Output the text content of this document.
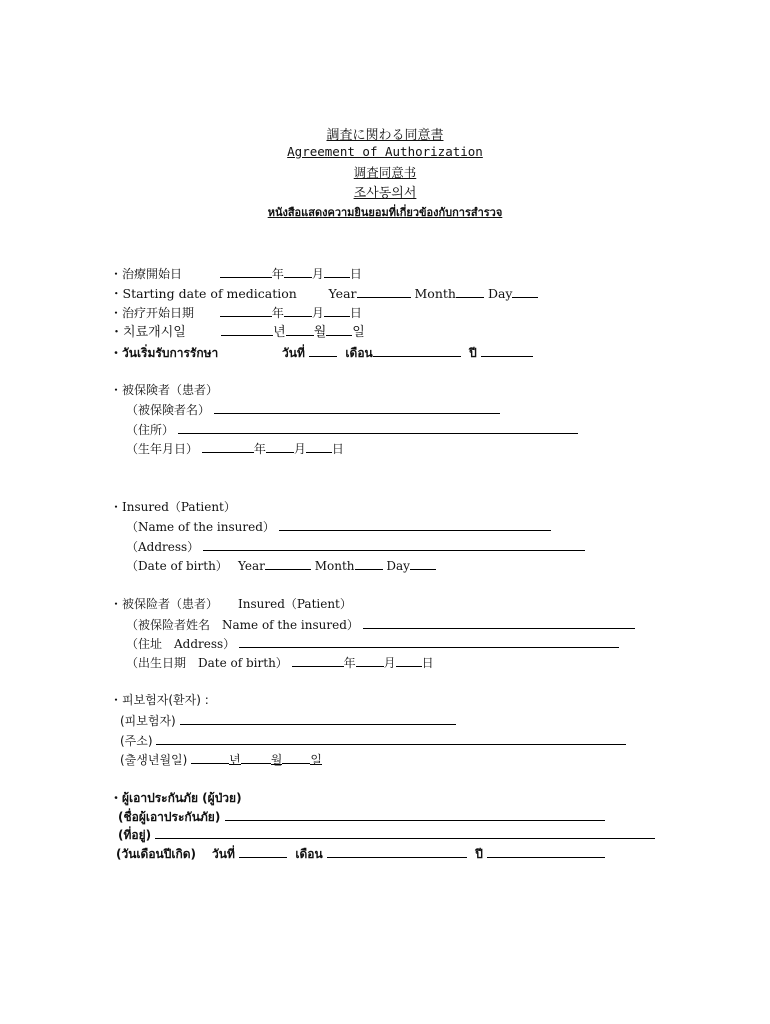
調査に関わる同意書
Agreement of Authorization
调査同意书
조사동의서
หนังสือแสดงความยินยอมที่เกี่ยวข้องกับการสำรวจ
・治療開始日	年 月 日
・Starting date of medication	Year	Month	Day
・治疗开始日期	年 月 日
・치료개시일	년 월 일
・วันเริ่มรับการรักษา	วันที่	เดือน	ปี
・被保険者（患者）
（被保険者名）
（住所）
（生年月日）	年 月 日
・Insured（Patient）
（Name of the insured）
（Address）
（Date of birth） Year	Month	Day
・被保险者（患者） Insured（Patient）
（被保险者姓名　Name of the insured）
（住址　Address）
（出生日期　Date of birth）	年 月 日
・피보험자(환자) :
(피보험자)
(주소)
(출생년월일)	년	월 일
・ผู้เอาประกันภัย (ผู้ป่วย)
(ชื่อผู้เอาประกันภัย)
(ที่อยู่)
(วันเดือนปีเกิด) วันที่	เดือน	ปี
